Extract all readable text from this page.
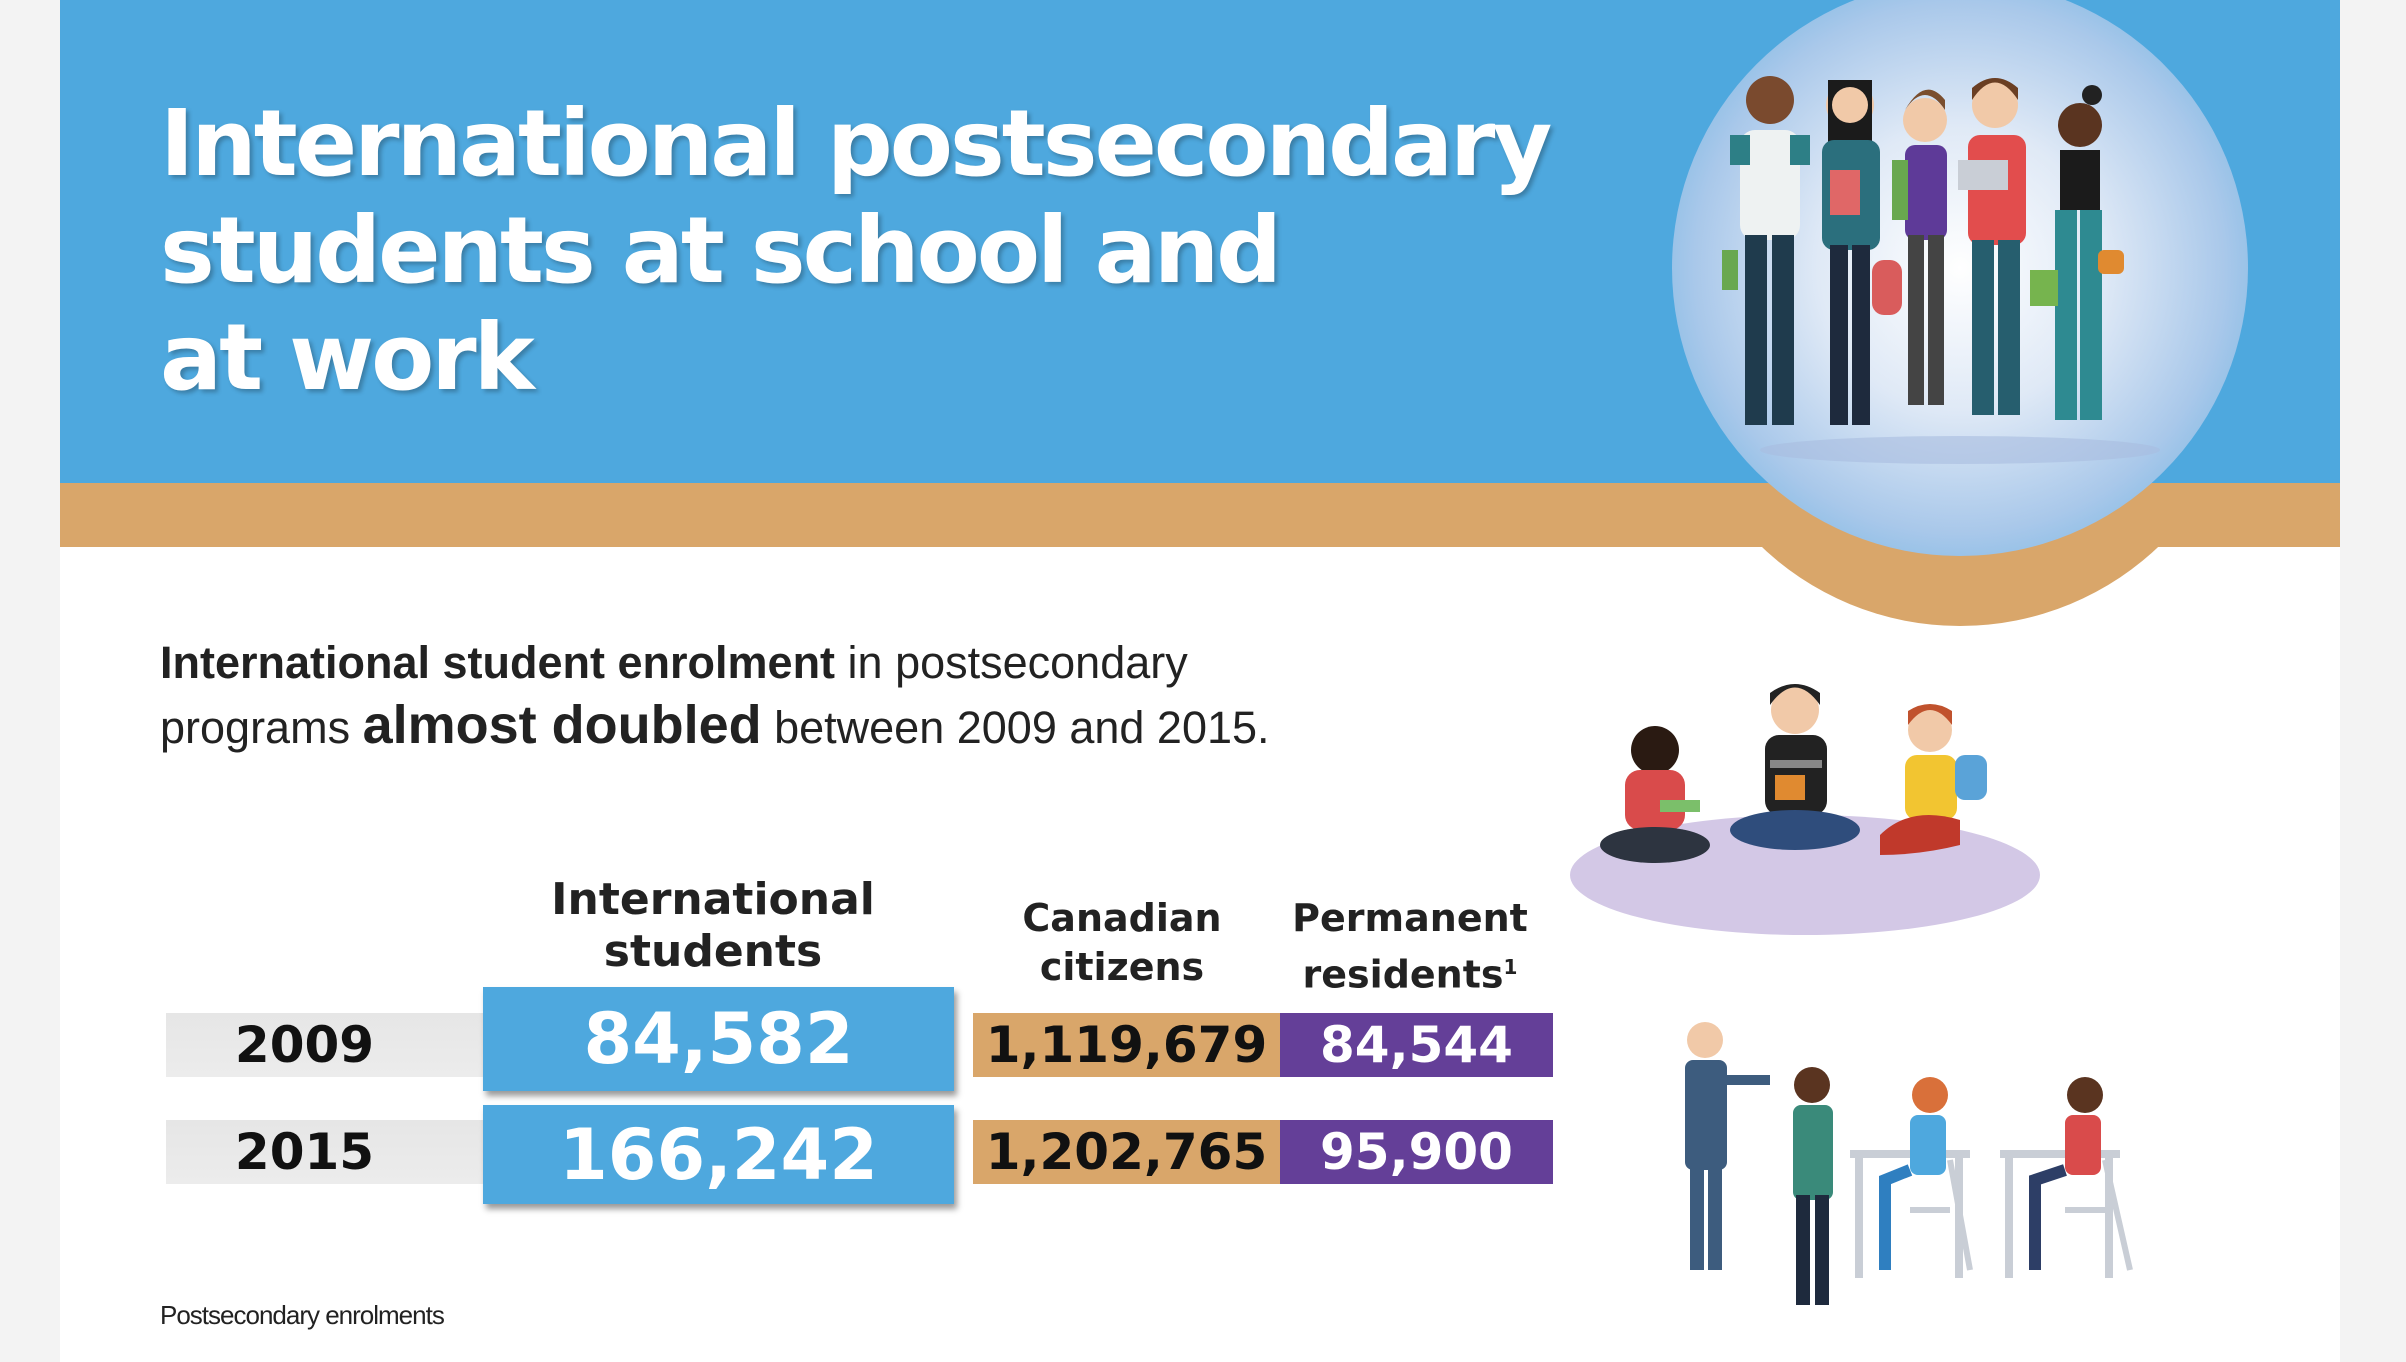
International postsecondary
students at school and
at work
International student enrolment in postsecondary
programs almost doubled between 2009 and 2015.
International
students
Canadian
citizens
Permanent
residents$^1$
2009	84,582	1,119,679	84,544
2015	166,242	1,202,765	95,900
Postsecondary enrolments
